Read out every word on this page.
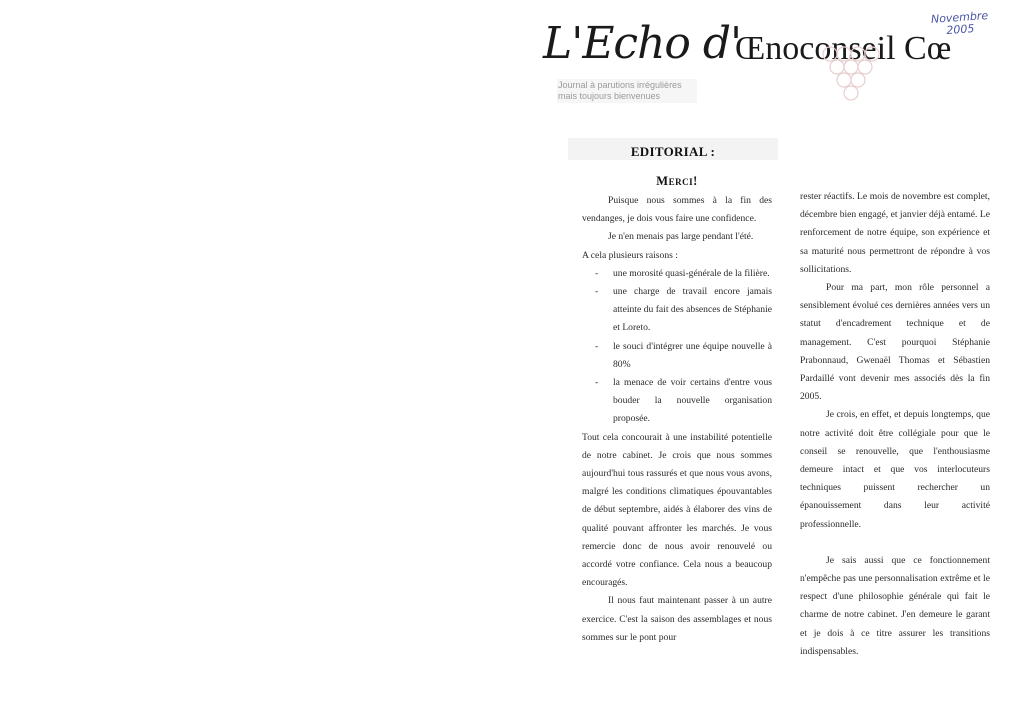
L'Echo d'
Œnoconseil Cœ
Novembre
2005
Journal à parutions irrégulières
mais toujours bienvenues
EDITORIAL :
Merci!

Puisque nous sommes à la fin des vendanges, je dois vous faire une confidence.

Je n'en menais pas large pendant l'été.

A cela plusieurs raisons :

- une morosité quasi-générale de la filière.
- une charge de travail encore jamais atteinte du fait des absences de Stéphanie et Loreto.
- le souci d'intégrer une équipe nouvelle à 80%
- la menace de voir certains d'entre vous bouder la nouvelle organisation proposée.

Tout cela concourait à une instabilité potentielle de notre cabinet. Je crois que nous sommes aujourd'hui tous rassurés et que nous vous avons, malgré les conditions climatiques épouvantables de début septembre, aidés à élaborer des vins de qualité pouvant affronter les marchés. Je vous remercie donc de nous avoir renouvelé ou accordé votre confiance. Cela nous a beaucoup encouragés.

Il nous faut maintenant passer à un autre exercice. C'est la saison des assemblages et nous sommes sur le pont pour

rester réactifs. Le mois de novembre est complet, décembre bien engagé, et janvier déjà entamé. Le renforcement de notre équipe, son expérience et sa maturité nous permettront de répondre à vos sollicitations.

Pour ma part, mon rôle personnel a sensiblement évolué ces dernières années vers un statut d'encadrement technique et de management. C'est pourquoi Stéphanie Prabonnaud, Gwenaël Thomas et Sébastien Pardaillé vont devenir mes associés dès la fin 2005.

Je crois, en effet, et depuis longtemps, que notre activité doit être collégiale pour que le conseil se renouvelle, que l'enthousiasme demeure intact et que vos interlocuteurs techniques puissent rechercher un épanouissement dans leur activité professionnelle.

Je sais aussi que ce fonctionnement n'empêche pas une personnalisation extrême et le respect d'une philosophie générale qui fait le charme de notre cabinet. J'en demeure le garant et je dois à ce titre assurer les transitions indispensables.
